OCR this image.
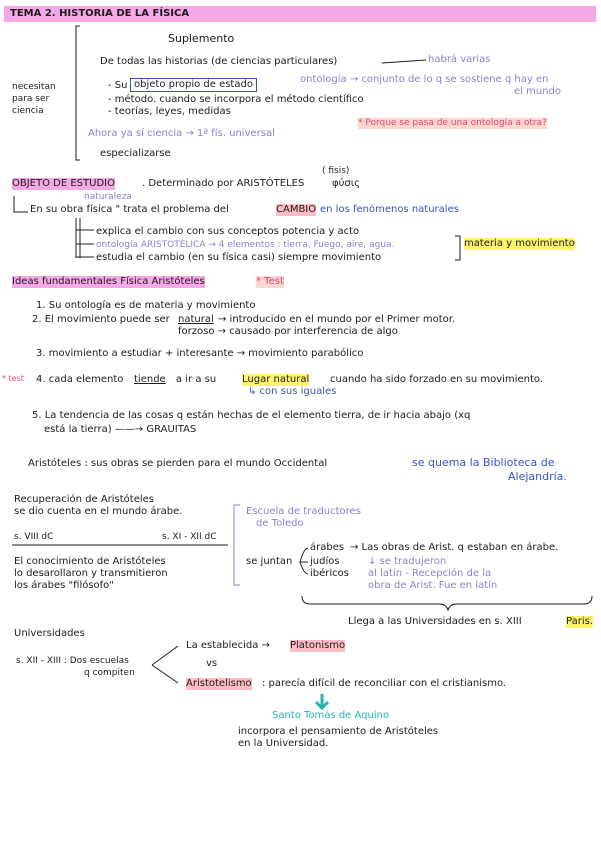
TEMA 2. HISTORIA DE LA FÍSICA
Suplemento
De todas las historias (de ciencias particulares)	habrá varias
necesitan
para ser
ciencia
- Su objeto propio de estado	ontología → conjunto de lo q se sostiene q hay en
el mundo
- método. cuando se incorpora el método científico
- teorías, leyes, medidas
* Porque se pasa de una ontología a otra?
Ahora ya sí ciencia → 1ª fís. universal
especializarse
( fisis)
OBJETO DE ESTUDIO	. Determinado por ARISTÓTELES	φύσις
naturaleza
En su obra física " trata el problema del	CAMBIO en los fenómenos naturales
explica el cambio con sus conceptos potencia y acto
ontología ARISTOTÉLICA → 4 elementos : tierra, Fuego, aire, agua.	materia y movimiento
estudia el cambio (en su física casi) siempre movimiento
Ideas fundamentales Física Aristóteles	* Test
1. Su ontología es de materia y movimiento
2. El movimiento puede ser natural → introducido en el mundo por el Primer motor.
forzoso → causado por interferencia de algo
3. movimiento a estudiar + interesante → movimiento parabólico
* test 4. cada elemento tiende a ir a su	Lugar natural cuando ha sido forzado en su movimiento.
↳ con sus iguales
5. La tendencia de las cosas q están hechas de el elemento tierra, de ir hacia abajo (xq
está la tierra) ——→ GRAUITAS
Aristóteles : sus obras se pierden para el mundo Occidental	se quema la Biblioteca de
Alejandría.
Recuperación de Aristóteles
se dio cuenta en el mundo árabe.
s. VIII dC	s. XI - XII dC
El conocimiento de Aristóteles
lo desarollaron y transmitieron
los árabes "filósofo"
Escuela de traductores
de Toledo
árabes → Las obras de Arist. q estaban en árabe.
se juntan judíos	↓ se tradujeron
ibéricos al latín - Recepción de la
obra de Arist. Fue en latín
Llega a las Universidades en s. XIII	Paris.
Universidades
s. XII - XIII : Dos escuelas
q compiten
La establecida → Platonismo
vs
Aristotelismo : parecía difícil de reconciliar con el cristianismo.
Santo Tomás de Aquino
incorpora el pensamiento de Aristóteles
en la Universidad.
